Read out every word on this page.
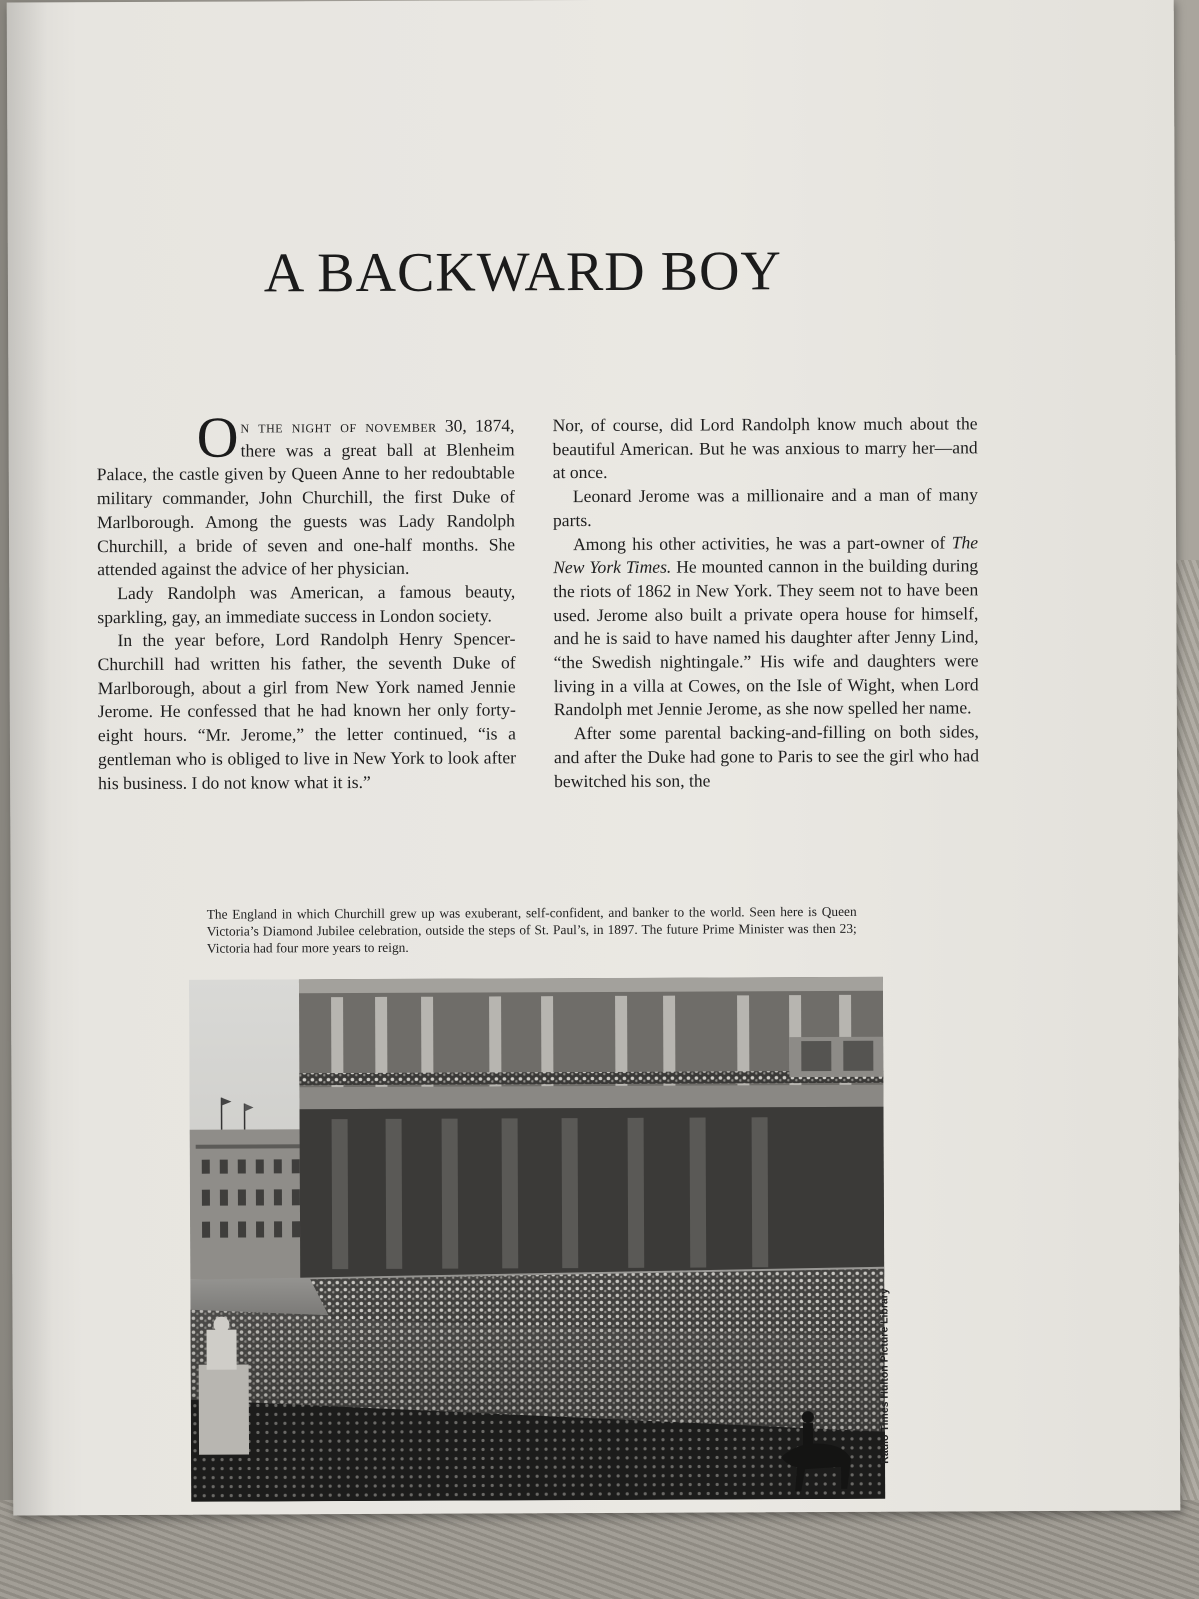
A BACKWARD BOY

On the night of november 30, 1874, there was a great ball at Blenheim Palace, the castle given by Queen Anne to her redoubtable military commander, John Churchill, the first Duke of Marlborough. Among the guests was Lady Randolph Churchill, a bride of seven and one-half months. She attended against the advice of her physician.

Lady Randolph was American, a famous beauty, sparkling, gay, an immediate success in London society.

In the year before, Lord Randolph Henry Spencer-Churchill had written his father, the seventh Duke of Marlborough, about a girl from New York named Jennie Jerome. He confessed that he had known her only forty-eight hours. “Mr. Jerome,” the letter continued, “is a gentleman who is obliged to live in New York to look after his business. I do not know what it is.”

Nor, of course, did Lord Randolph know much about the beautiful American. But he was anxious to marry her—and at once.

Leonard Jerome was a millionaire and a man of many parts.

Among his other activities, he was a part-owner of The New York Times. He mounted cannon in the building during the riots of 1862 in New York. They seem not to have been used. Jerome also built a private opera house for himself, and he is said to have named his daughter after Jenny Lind, “the Swedish nightingale.” His wife and daughters were living in a villa at Cowes, on the Isle of Wight, when Lord Randolph met Jennie Jerome, as she now spelled her name.

After some parental backing-and-filling on both sides, and after the Duke had gone to Paris to see the girl who had bewitched his son, the

The England in which Churchill grew up was exuberant, self-confident, and banker to the world. Seen here is Queen Victoria’s Diamond Jubilee celebration, outside the steps of St. Paul’s, in 1897. The future Prime Minister was then 23; Victoria had four more years to reign.
Radio Times Hulton Picture Library
